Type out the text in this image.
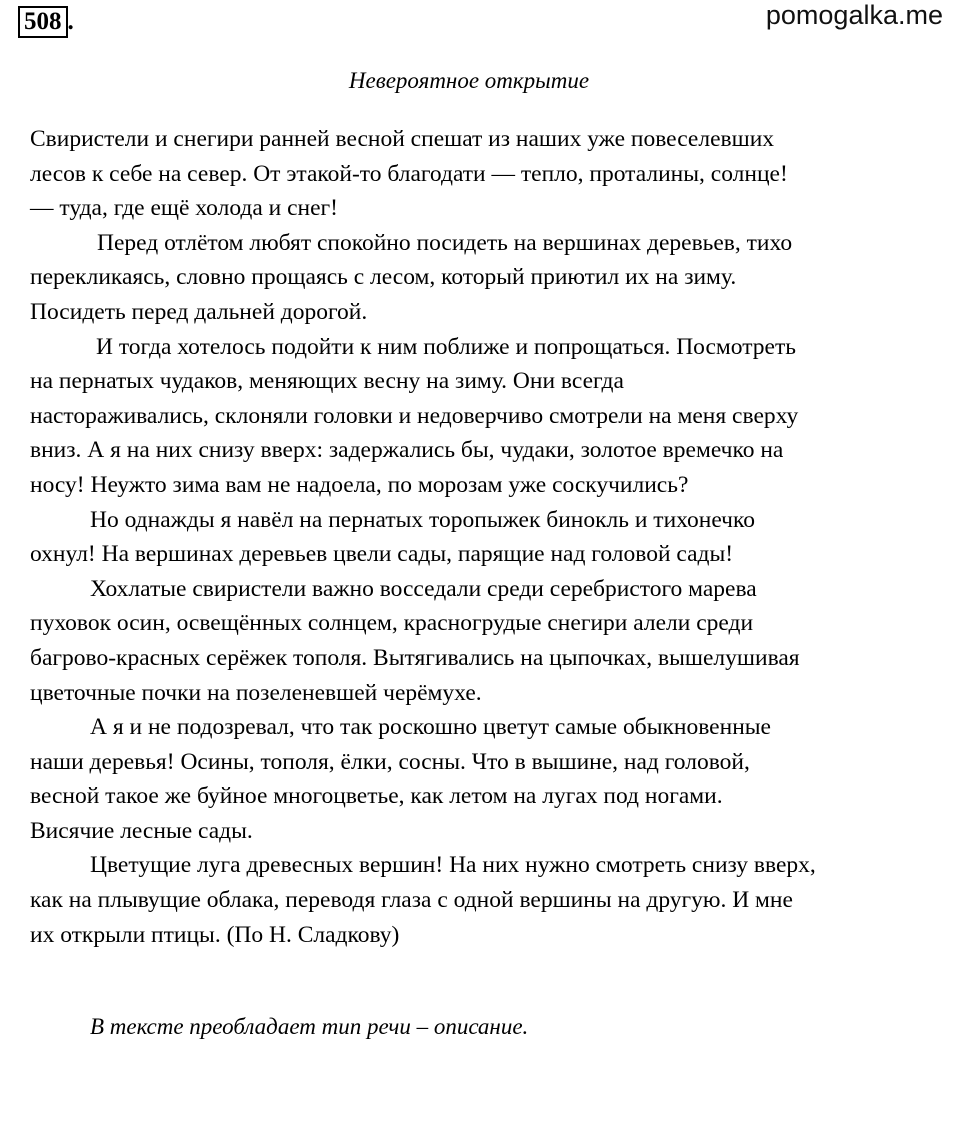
508 .	pomogalka.me
Невероятное открытие
Свиристели и снегири ранней весной спешат из наших уже повеселевших
лесов к себе на север. От этакой-то благодати — тепло, проталины, солнце!
— туда, где ещё холода и снег!
Перед отлётом любят спокойно посидеть на вершинах деревьев, тихо
перекликаясь, словно прощаясь с лесом, который приютил их на зиму.
Посидеть перед дальней дорогой.
И тогда хотелось подойти к ним поближе и попрощаться. Посмотреть
на пернатых чудаков, меняющих весну на зиму. Они всегда
настораживались, склоняли головки и недоверчиво смотрели на меня сверху
вниз. А я на них снизу вверх: задержались бы, чудаки, золотое времечко на
носу! Неужто зима вам не надоела, по морозам уже соскучились?
Но однажды я навёл на пернатых торопыжек бинокль и тихонечко
охнул! На вершинах деревьев цвели сады, парящие над головой сады!
Хохлатые свиристели важно восседали среди серебристого марева
пуховок осин, освещённых солнцем, красногрудые снегири алели среди
багрово-красных серёжек тополя. Вытягивались на цыпочках, вышелушивая
цветочные почки на позеленевшей черёмухе.
А я и не подозревал, что так роскошно цветут самые обыкновенные
наши деревья! Осины, тополя, ёлки, сосны. Что в вышине, над головой,
весной такое же буйное многоцветье, как летом на лугах под ногами.
Висячие лесные сады.
Цветущие луга древесных вершин! На них нужно смотреть снизу вверх,
как на плывущие облака, переводя глаза с одной вершины на другую. И мне
их открыли птицы. (По Н. Сладкову)
В тексте преобладает тип речи – описание.
